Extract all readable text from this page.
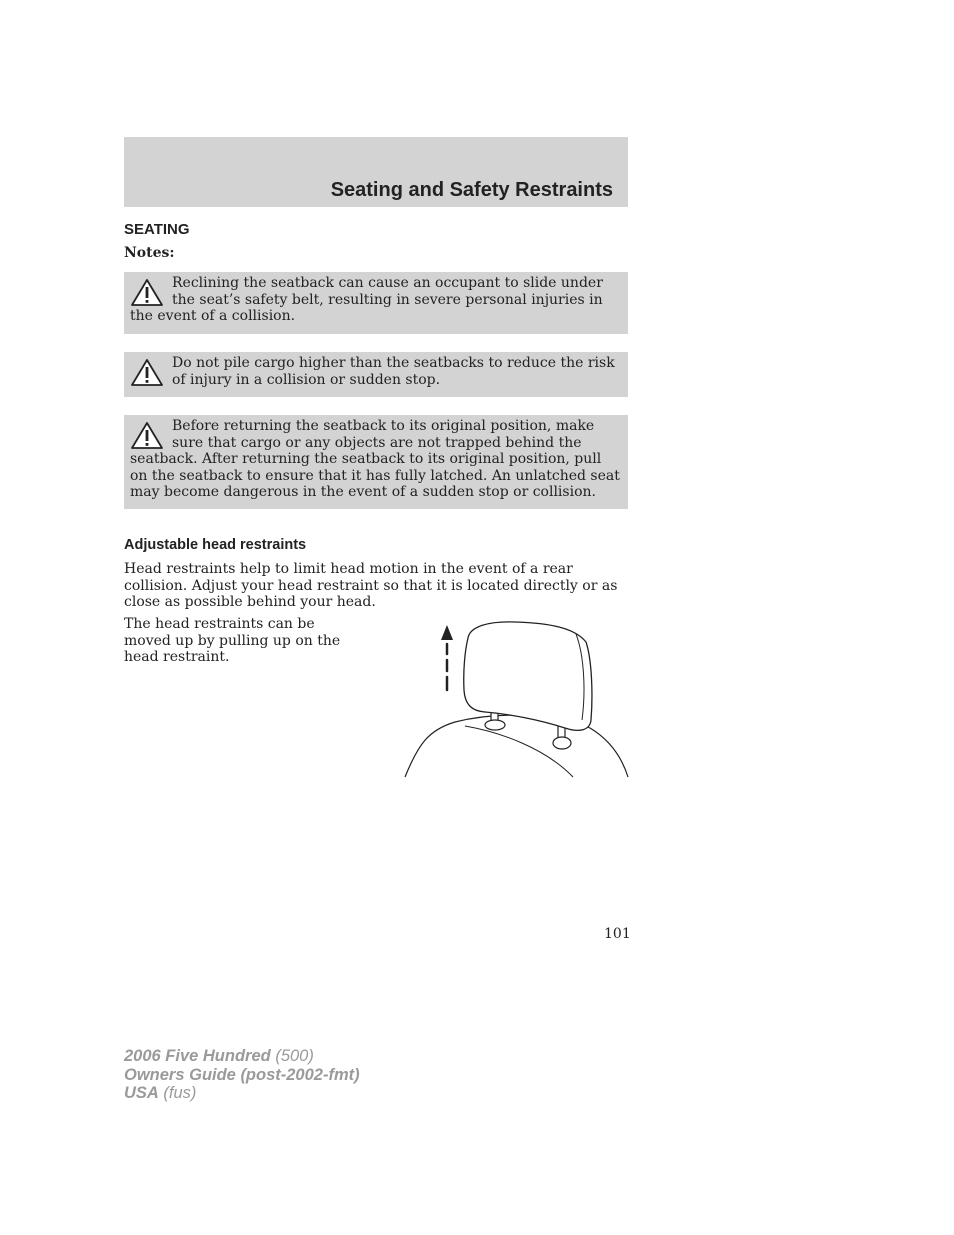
Seating and Safety Restraints
SEATING
Notes:
Reclining the seatback can cause an occupant to slide under the seat’s safety belt, resulting in severe personal injuries in the event of a collision.
Do not pile cargo higher than the seatbacks to reduce the risk of injury in a collision or sudden stop.
Before returning the seatback to its original position, make sure that cargo or any objects are not trapped behind the seatback. After returning the seatback to its original position, pull on the seatback to ensure that it has fully latched. An unlatched seat may become dangerous in the event of a sudden stop or collision.
Adjustable head restraints
Head restraints help to limit head motion in the event of a rear collision. Adjust your head restraint so that it is located directly or as close as possible behind your head.
The head restraints can be moved up by pulling up on the head restraint.
101
2006 Five Hundred (500)
Owners Guide (post-2002-fmt)
USA (fus)
